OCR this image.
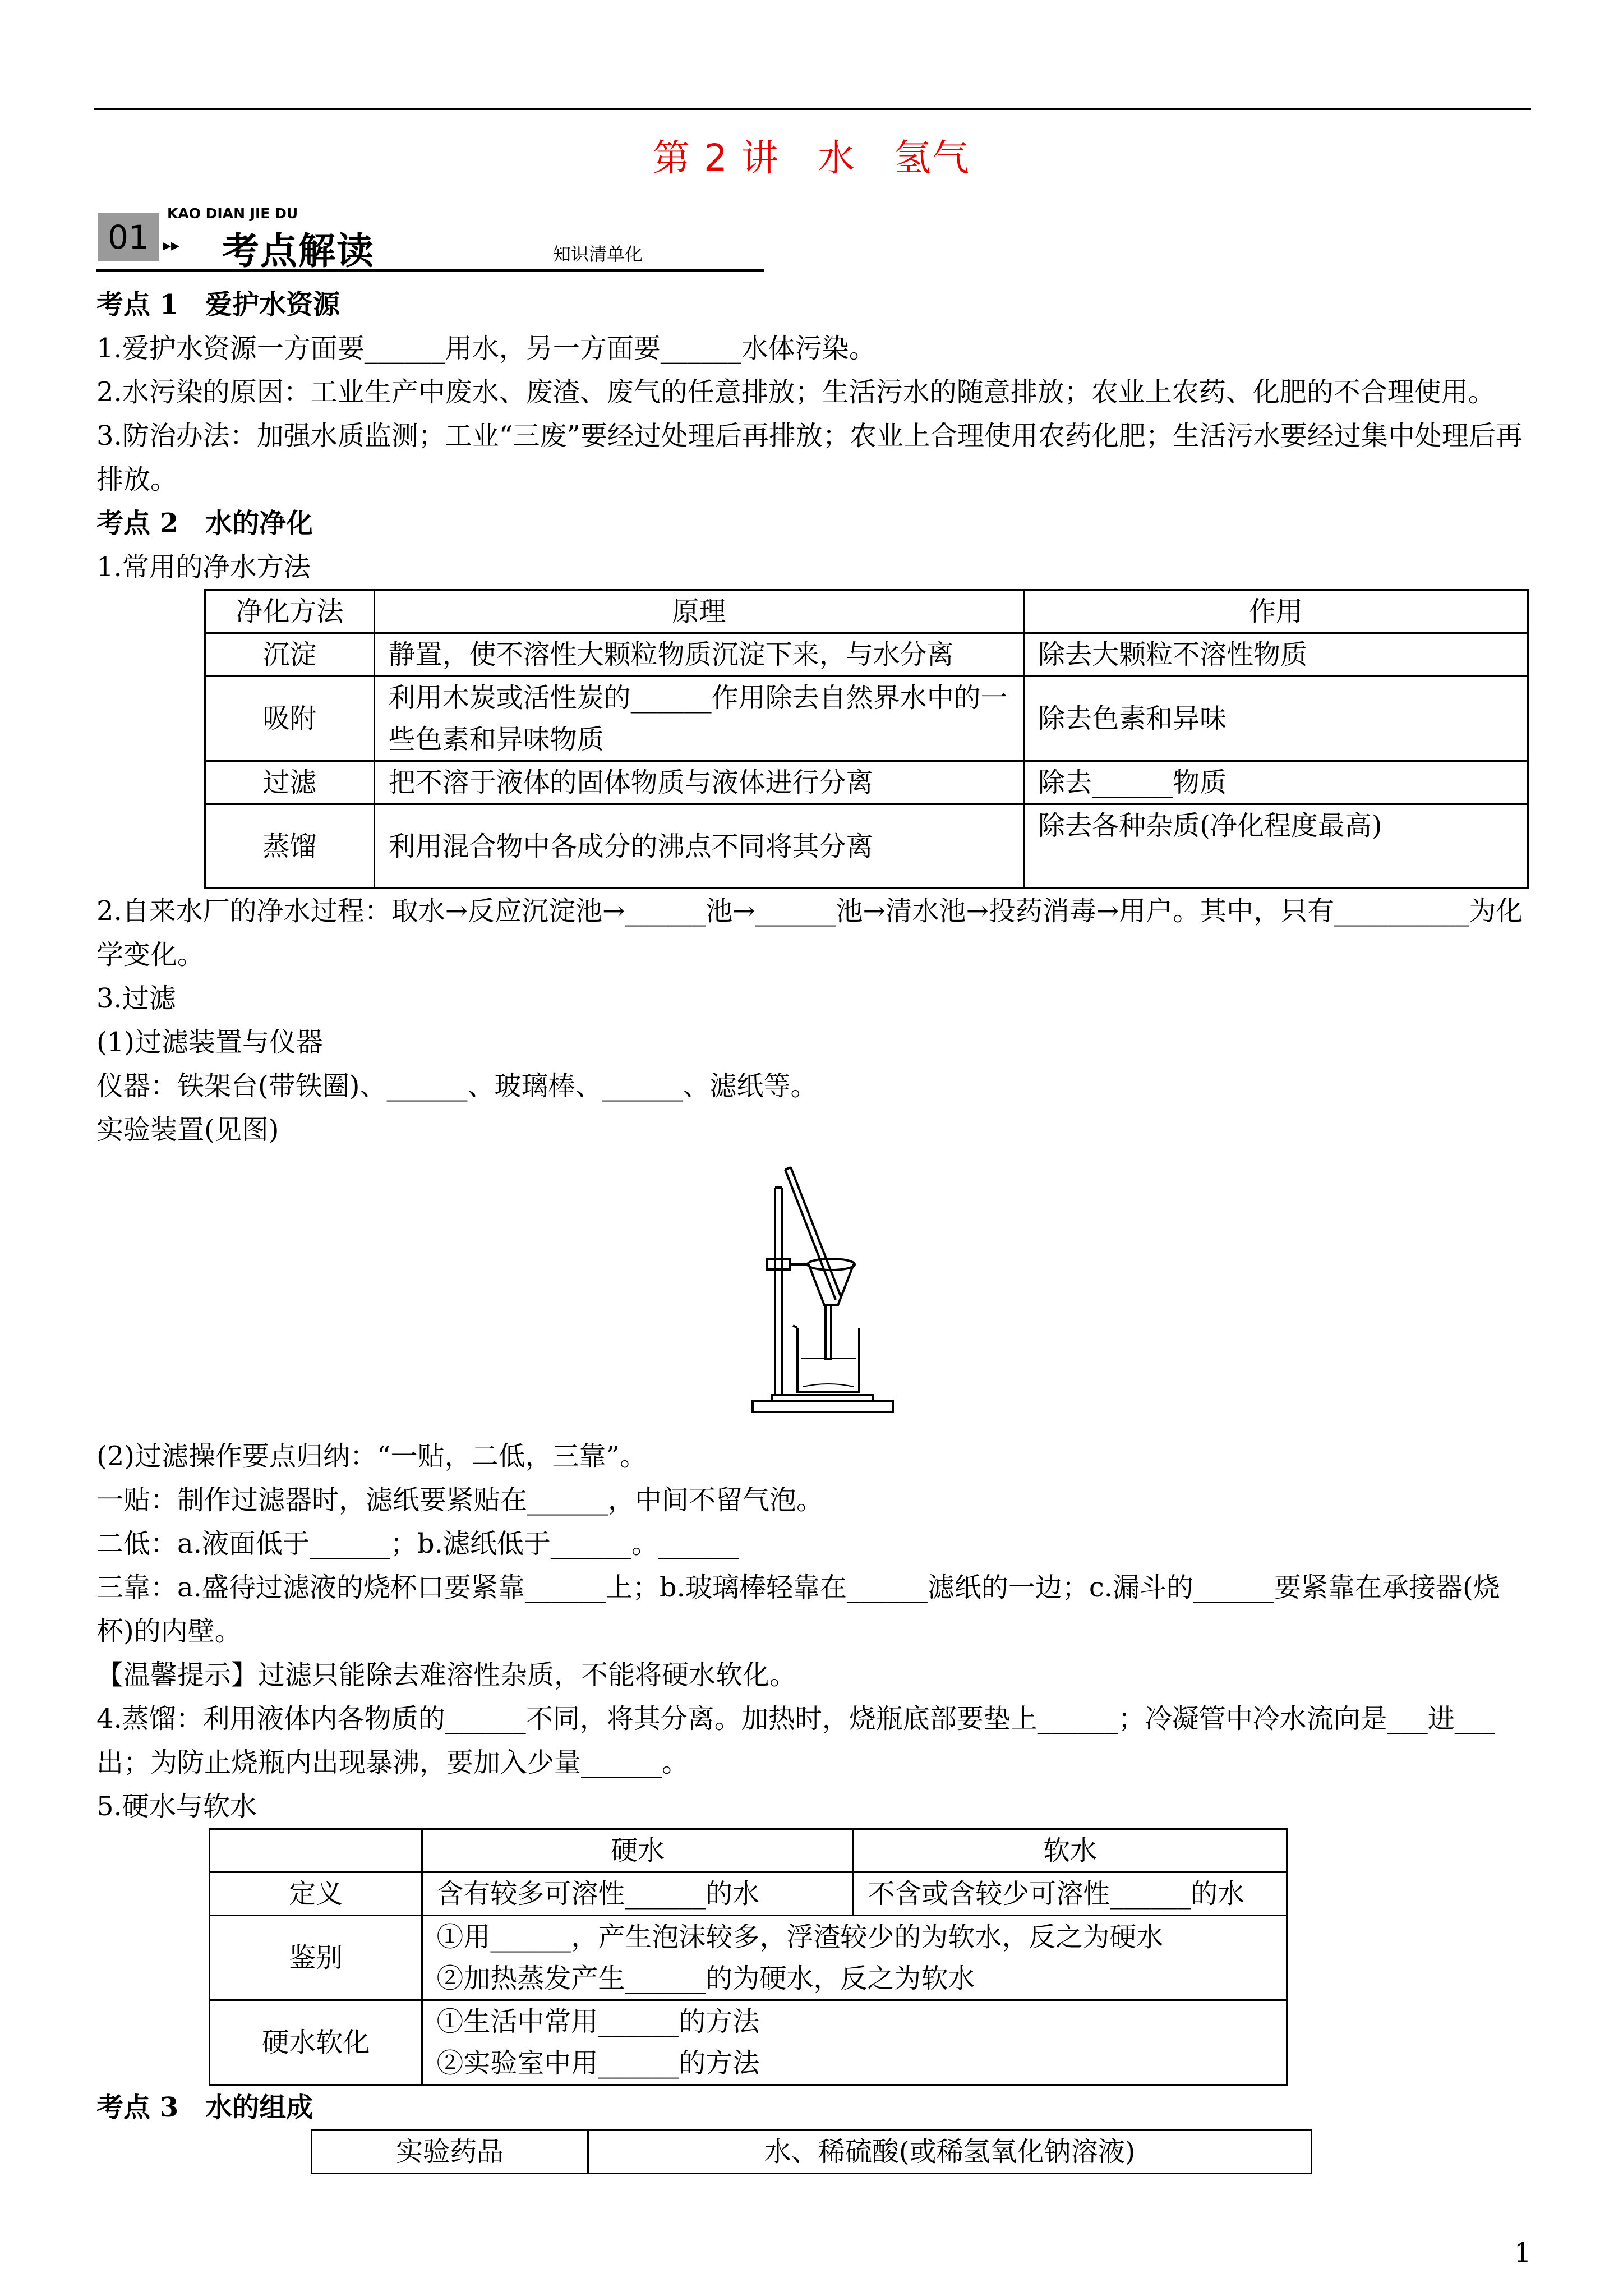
第 2 讲　水　氢气
KAO DIAN JIE DU
01 ▸▸ 考点解读	知识清单化

考点 1 爱护水资源

1.爱护水资源一方面要______用水，另一方面要______水体污染。

2.水污染的原因：工业生产中废水、废渣、废气的任意排放；生活污水的随意排放；农业上农药、化肥的不合理使用。

3.防治办法：加强水质监测；工业“三废”要经过处理后再排放；农业上合理使用农药化肥；生活污水要经过集中处理后再排放。

考点 2 水的净化

1.常用的净水方法

净化方法	原理	作用
沉淀	静置，使不溶性大颗粒物质沉淀下来，与水分离	除去大颗粒不溶性物质
吸附	利用木炭或活性炭的______作用除去自然界水中的一些色素和异味物质	除去色素和异味
过滤	把不溶于液体的固体物质与液体进行分离	除去______物质
蒸馏	利用混合物中各成分的沸点不同将其分离	除去各种杂质(净化程度最高)

2.自来水厂的净水过程：取水→反应沉淀池→______池→______池→清水池→投药消毒→用户。其中，只有__________为化学变化。

3.过滤

(1)过滤装置与仪器

仪器：铁架台(带铁圈)、______、玻璃棒、______、滤纸等。

实验装置(见图)

(2)过滤操作要点归纳：“一贴，二低，三靠”。

一贴：制作过滤器时，滤纸要紧贴在______，中间不留气泡。

二低：a.液面低于______；b.滤纸低于______。______

三靠：a.盛待过滤液的烧杯口要紧靠______上；b.玻璃棒轻靠在______滤纸的一边；c.漏斗的______要紧靠在承接器(烧杯)的内壁。

【温馨提示】过滤只能除去难溶性杂质，不能将硬水软化。

4.蒸馏：利用液体内各物质的______不同，将其分离。加热时，烧瓶底部要垫上______；冷凝管中冷水流向是___进___出；为防止烧瓶内出现暴沸，要加入少量______。

5.硬水与软水

	硬水	软水
定义	含有较多可溶性______的水	不含或含较少可溶性______的水
鉴别	①用______，产生泡沫较多，浮渣较少的为软水，反之为硬水
②加热蒸发产生______的为硬水，反之为软水	

硬水软化	①生活中常用______的方法
②实验室中用______的方法	

考点 3 水的组成

实验药品	水、稀硫酸(或稀氢氧化钠溶液)
1
